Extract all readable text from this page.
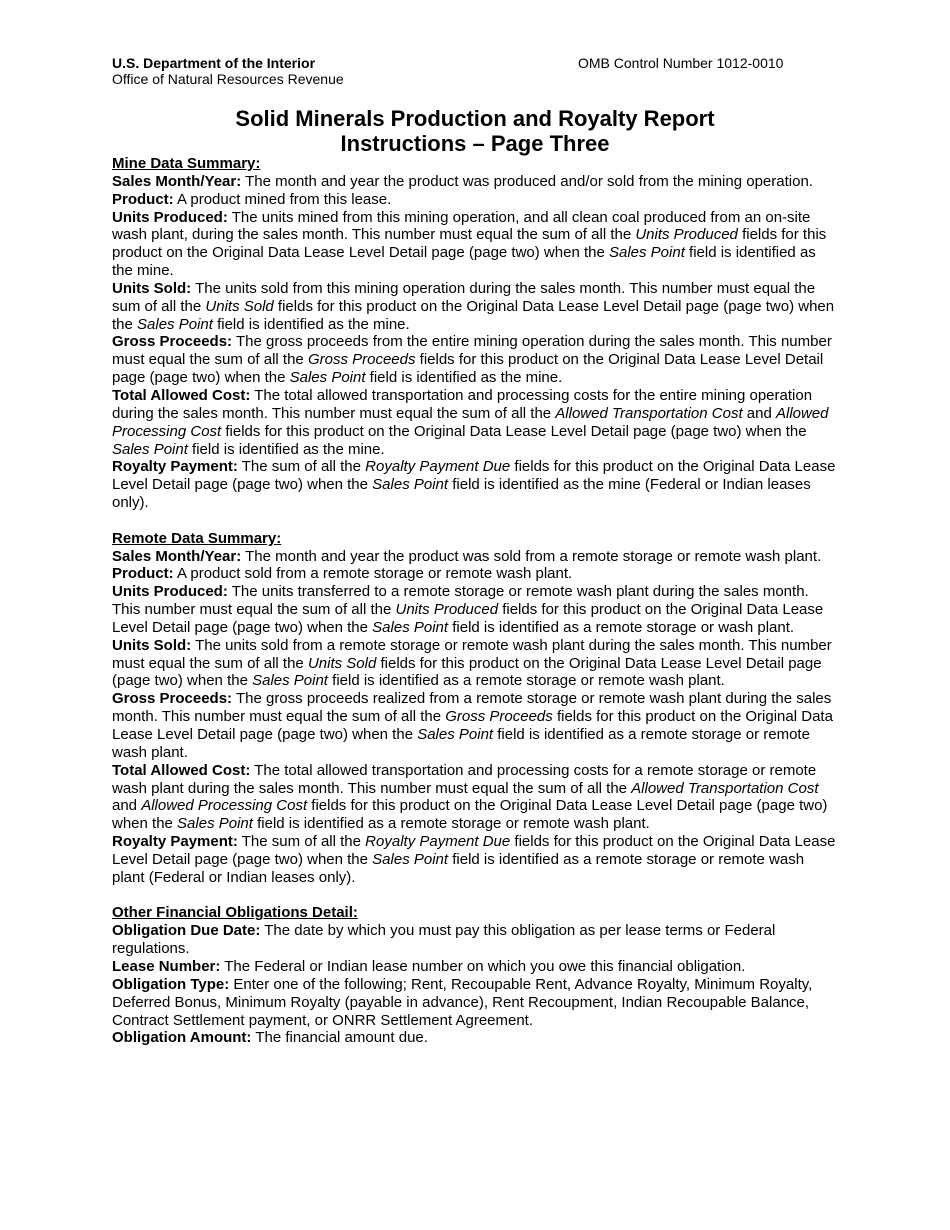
U.S. Department of the Interior
Office of Natural Resources Revenue
OMB Control Number 1012-0010
Solid Minerals Production and Royalty Report
Instructions – Page Three
Mine Data Summary:

Sales Month/Year: The month and year the product was produced and/or sold from the mining operation.

Product: A product mined from this lease.

Units Produced: The units mined from this mining operation, and all clean coal produced from an on-site wash plant, during the sales month. This number must equal the sum of all the Units Produced fields for this product on the Original Data Lease Level Detail page (page two) when the Sales Point field is identified as the mine.

Units Sold: The units sold from this mining operation during the sales month. This number must equal the sum of all the Units Sold fields for this product on the Original Data Lease Level Detail page (page two) when the Sales Point field is identified as the mine.

Gross Proceeds: The gross proceeds from the entire mining operation during the sales month. This number must equal the sum of all the Gross Proceeds fields for this product on the Original Data Lease Level Detail page (page two) when the Sales Point field is identified as the mine.

Total Allowed Cost: The total allowed transportation and processing costs for the entire mining operation during the sales month. This number must equal the sum of all the Allowed Transportation Cost and Allowed Processing Cost fields for this product on the Original Data Lease Level Detail page (page two) when the Sales Point field is identified as the mine.

Royalty Payment: The sum of all the Royalty Payment Due fields for this product on the Original Data Lease Level Detail page (page two) when the Sales Point field is identified as the mine (Federal or Indian leases only).

Remote Data Summary:

Sales Month/Year: The month and year the product was sold from a remote storage or remote wash plant.

Product: A product sold from a remote storage or remote wash plant.

Units Produced: The units transferred to a remote storage or remote wash plant during the sales month. This number must equal the sum of all the Units Produced fields for this product on the Original Data Lease Level Detail page (page two) when the Sales Point field is identified as a remote storage or wash plant.

Units Sold: The units sold from a remote storage or remote wash plant during the sales month. This number must equal the sum of all the Units Sold fields for this product on the Original Data Lease Level Detail page (page two) when the Sales Point field is identified as a remote storage or remote wash plant.

Gross Proceeds: The gross proceeds realized from a remote storage or remote wash plant during the sales month. This number must equal the sum of all the Gross Proceeds fields for this product on the Original Data Lease Level Detail page (page two) when the Sales Point field is identified as a remote storage or remote wash plant.

Total Allowed Cost: The total allowed transportation and processing costs for a remote storage or remote wash plant during the sales month. This number must equal the sum of all the Allowed Transportation Cost and Allowed Processing Cost fields for this product on the Original Data Lease Level Detail page (page two) when the Sales Point field is identified as a remote storage or remote wash plant.

Royalty Payment: The sum of all the Royalty Payment Due fields for this product on the Original Data Lease Level Detail page (page two) when the Sales Point field is identified as a remote storage or remote wash plant (Federal or Indian leases only).

Other Financial Obligations Detail:

Obligation Due Date: The date by which you must pay this obligation as per lease terms or Federal regulations.

Lease Number: The Federal or Indian lease number on which you owe this financial obligation.

Obligation Type: Enter one of the following; Rent, Recoupable Rent, Advance Royalty, Minimum Royalty, Deferred Bonus, Minimum Royalty (payable in advance), Rent Recoupment, Indian Recoupable Balance, Contract Settlement payment, or ONRR Settlement Agreement.

Obligation Amount: The financial amount due.
